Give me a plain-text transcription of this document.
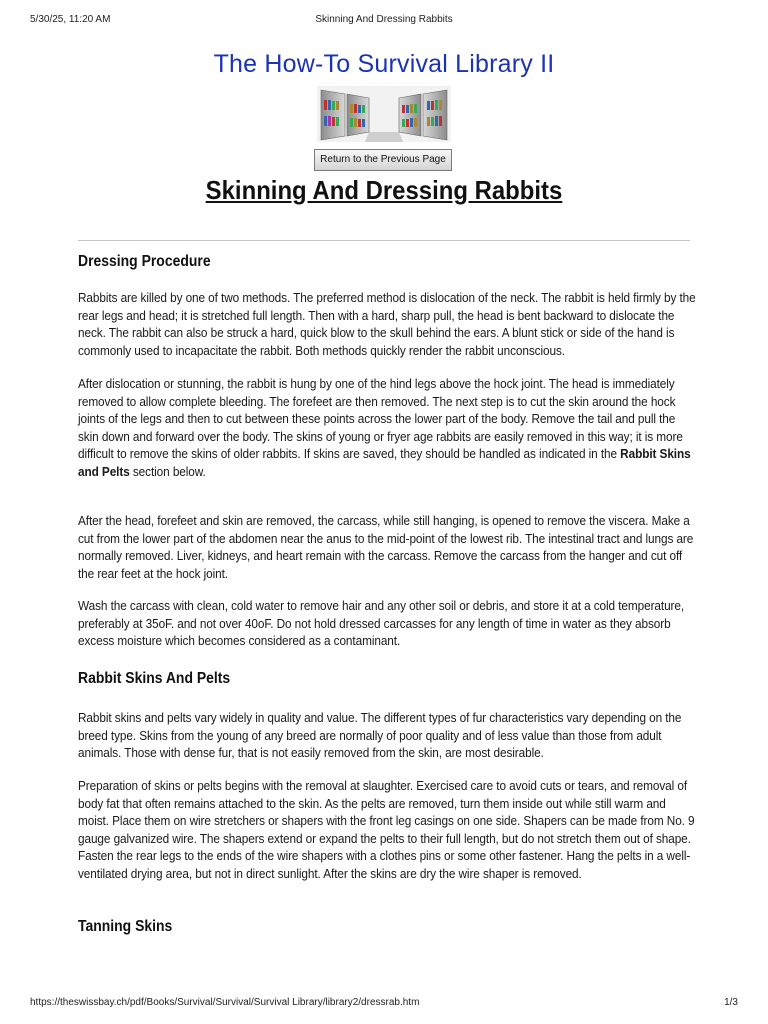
5/30/25, 11:20 AM	Skinning And Dressing Rabbits
The How-To Survival Library II
Return to the Previous Page
Skinning And Dressing Rabbits
Dressing Procedure

Rabbits are killed by one of two methods. The preferred method is dislocation of the neck. The rabbit is held firmly by the rear legs and head; it is stretched full length. Then with a hard, sharp pull, the head is bent backward to dislocate the neck. The rabbit can also be struck a hard, quick blow to the skull behind the ears. A blunt stick or side of the hand is commonly used to incapacitate the rabbit. Both methods quickly render the rabbit unconscious.

After dislocation or stunning, the rabbit is hung by one of the hind legs above the hock joint. The head is immediately removed to allow complete bleeding. The forefeet are then removed. The next step is to cut the skin around the hock joints of the legs and then to cut between these points across the lower part of the body. Remove the tail and pull the skin down and forward over the body. The skins of young or fryer age rabbits are easily removed in this way; it is more difficult to remove the skins of older rabbits. If skins are saved, they should be handled as indicated in the Rabbit Skins and Pelts section below.

After the head, forefeet and skin are removed, the carcass, while still hanging, is opened to remove the viscera. Make a cut from the lower part of the abdomen near the anus to the mid-point of the lowest rib. The intestinal tract and lungs are normally removed. Liver, kidneys, and heart remain with the carcass. Remove the carcass from the hanger and cut off the rear feet at the hock joint.

Wash the carcass with clean, cold water to remove hair and any other soil or debris, and store it at a cold temperature, preferably at 35oF. and not over 40oF. Do not hold dressed carcasses for any length of time in water as they absorb excess moisture which becomes considered as a contaminant.

Rabbit Skins And Pelts

Rabbit skins and pelts vary widely in quality and value. The different types of fur characteristics vary depending on the breed type. Skins from the young of any breed are normally of poor quality and of less value than those from adult animals. Those with dense fur, that is not easily removed from the skin, are most desirable.

Preparation of skins or pelts begins with the removal at slaughter. Exercised care to avoid cuts or tears, and removal of body fat that often remains attached to the skin. As the pelts are removed, turn them inside out while still warm and moist. Place them on wire stretchers or shapers with the front leg casings on one side. Shapers can be made from No. 9 gauge galvanized wire. The shapers extend or expand the pelts to their full length, but do not stretch them out of shape. Fasten the rear legs to the ends of the wire shapers with a clothes pins or some other fastener. Hang the pelts in a well-ventilated drying area, but not in direct sunlight. After the skins are dry the wire shaper is removed.

Tanning Skins
https://theswissbay.ch/pdf/Books/Survival/Survival/Survival Library/library2/dressrab.htm	1/3
